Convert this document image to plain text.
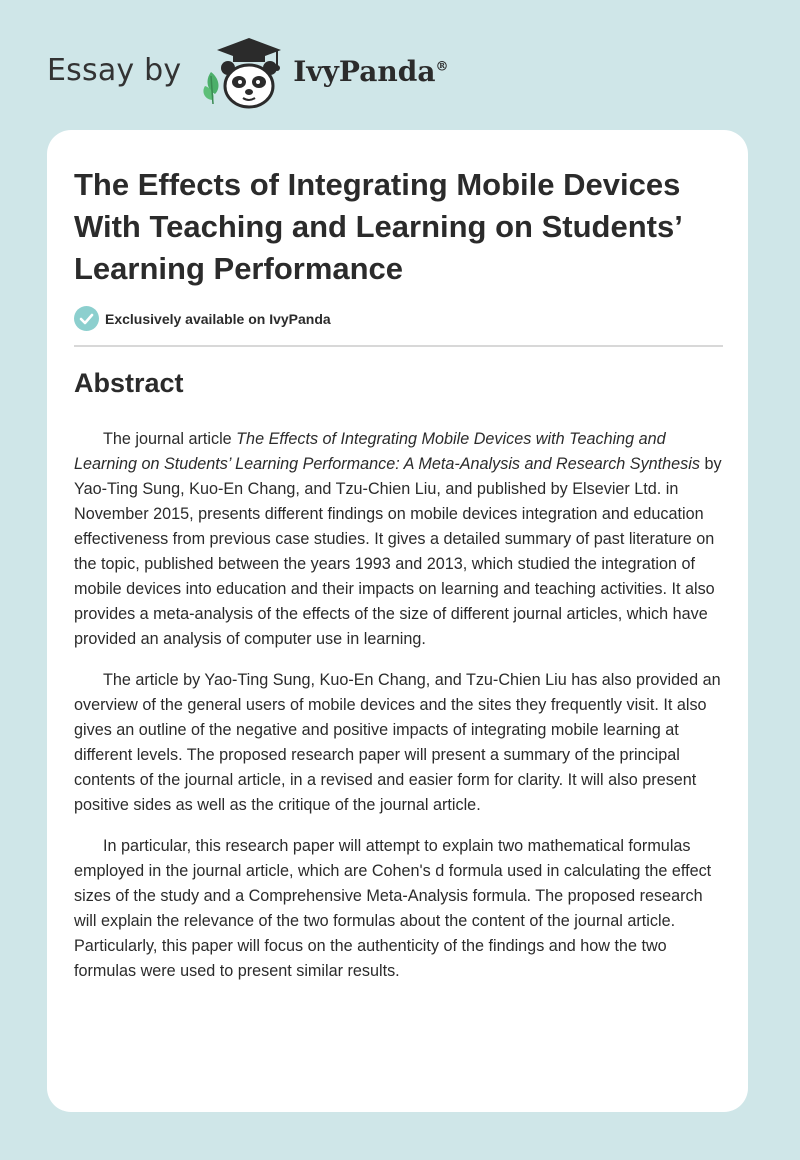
Essay by	IvyPanda®
The Effects of Integrating Mobile Devices With Teaching and Learning on Students’ Learning Performance
Exclusively available on IvyPanda
Abstract

The journal article The Effects of Integrating Mobile Devices with Teaching and Learning on Students’ Learning Performance: A Meta-Analysis and Research Synthesis by Yao-Ting Sung, Kuo-En Chang, and Tzu-Chien Liu, and published by Elsevier Ltd. in November 2015, presents different findings on mobile devices integration and education effectiveness from previous case studies. It gives a detailed summary of past literature on the topic, published between the years 1993 and 2013, which studied the integration of mobile devices into education and their impacts on learning and teaching activities. It also provides a meta-analysis of the effects of the size of different journal articles, which have provided an analysis of computer use in learning.

The article by Yao-Ting Sung, Kuo-En Chang, and Tzu-Chien Liu has also provided an overview of the general users of mobile devices and the sites they frequently visit. It also gives an outline of the negative and positive impacts of integrating mobile learning at different levels. The proposed research paper will present a summary of the principal contents of the journal article, in a revised and easier form for clarity. It will also present positive sides as well as the critique of the journal article.

In particular, this research paper will attempt to explain two mathematical formulas employed in the journal article, which are Cohen's d formula used in calculating the effect sizes of the study and a Comprehensive Meta-Analysis formula. The proposed research will explain the relevance of the two formulas about the content of the journal article. Particularly, this paper will focus on the authenticity of the findings and how the two formulas were used to present similar results.
